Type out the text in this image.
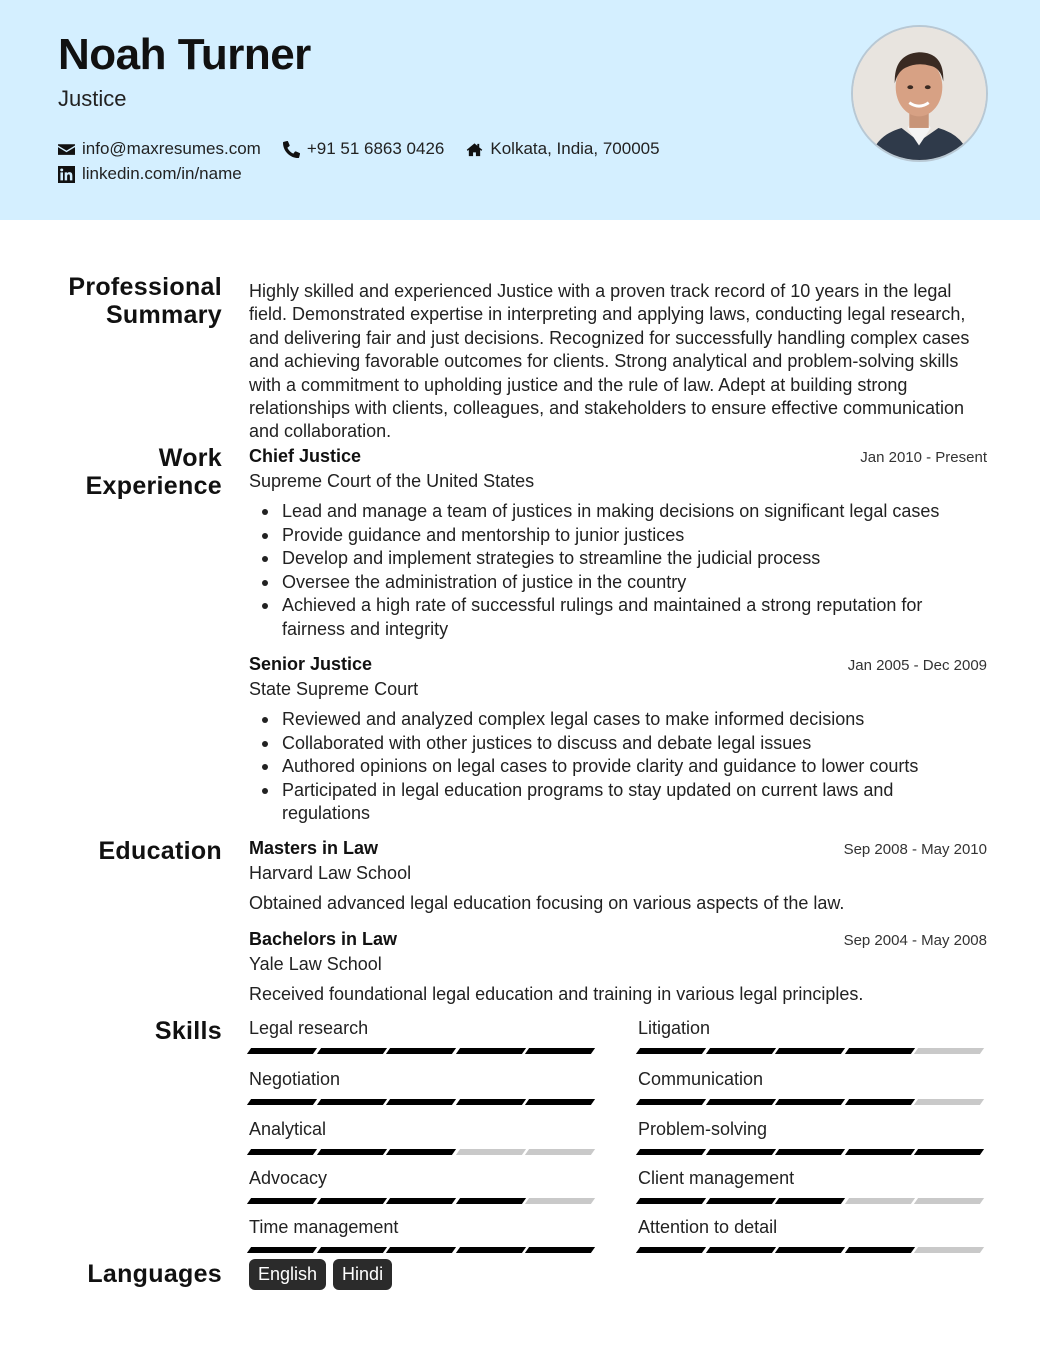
Noah Turner
Justice
info@maxresumes.com	+91 51 6863 0426	Kolkata, India, 700005
linkedin.com/in/name
Professional Summary
Highly skilled and experienced Justice with a proven track record of 10 years in the legal field. Demonstrated expertise in interpreting and applying laws, conducting legal research, and delivering fair and just decisions. Recognized for successfully handling complex cases and achieving favorable outcomes for clients. Strong analytical and problem-solving skills with a commitment to upholding justice and the rule of law. Adept at building strong relationships with clients, colleagues, and stakeholders to ensure effective communication and collaboration.
Work Experience
Chief Justice	Jan 2010 - Present
Supreme Court of the United States
Lead and manage a team of justices in making decisions on significant legal cases
Provide guidance and mentorship to junior justices
Develop and implement strategies to streamline the judicial process
Oversee the administration of justice in the country
Achieved a high rate of successful rulings and maintained a strong reputation for fairness and integrity
Senior Justice	Jan 2005 - Dec 2009
State Supreme Court
Reviewed and analyzed complex legal cases to make informed decisions
Collaborated with other justices to discuss and debate legal issues
Authored opinions on legal cases to provide clarity and guidance to lower courts
Participated in legal education programs to stay updated on current laws and regulations
Education Masters in Law	Sep 2008 - May 2010
Harvard Law School
Obtained advanced legal education focusing on various aspects of the law.
Bachelors in Law	Sep 2004 - May 2008
Yale Law School
Received foundational legal education and training in various legal principles.
Skills Legal research	Litigation
Negotiation	Communication
Analytical	Problem-solving
Advocacy	Client management
Time management	Attention to detail
Languages	English	Hindi
